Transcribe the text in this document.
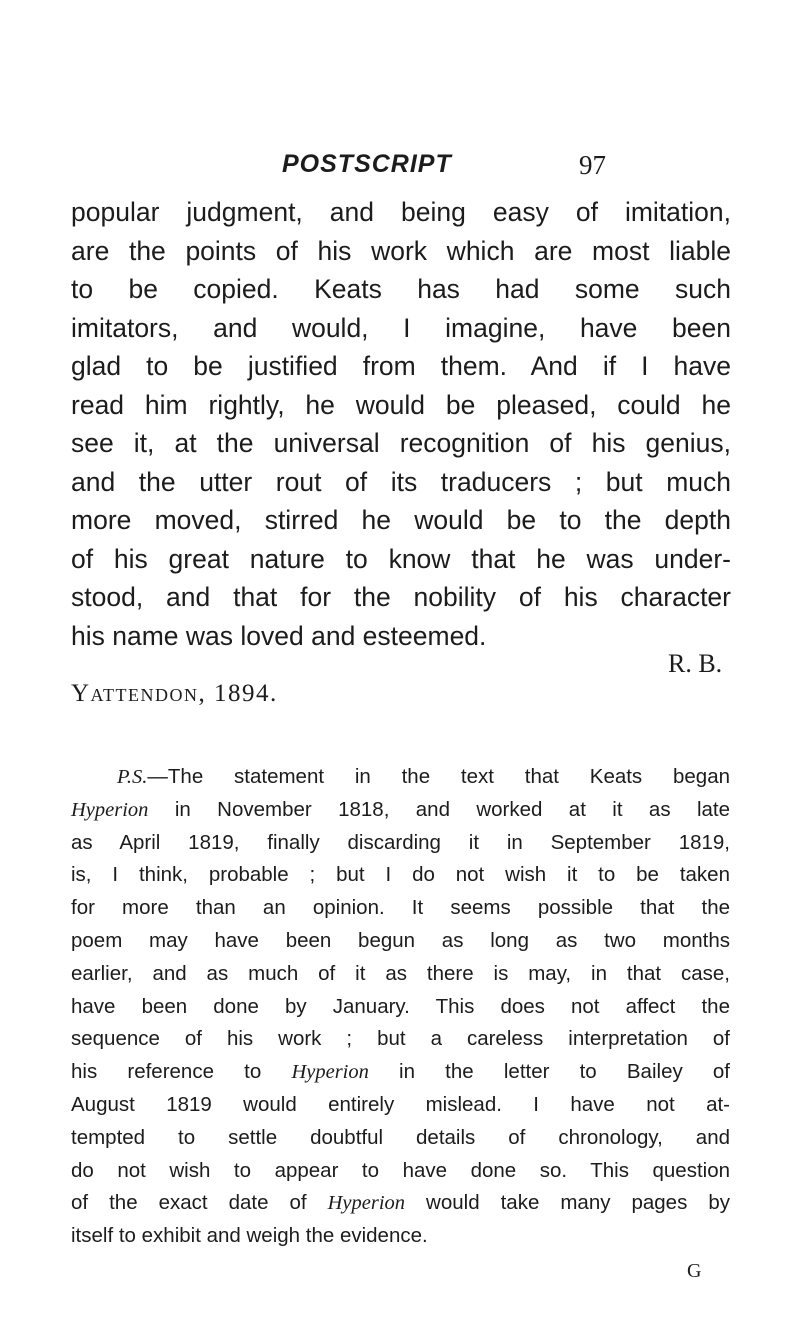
POSTSCRIPT	97
popular judgment, and being easy of imitation,
are the points of his work which are most liable
to be copied. Keats has had some such
imitators, and would, I imagine, have been
glad to be justified from them. And if I have
read him rightly, he would be pleased, could he
see it, at the universal recognition of his genius,
and the utter rout of its traducers ; but much
more moved, stirred he would be to the depth
of his great nature to know that he was under-
stood, and that for the nobility of his character
his name was loved and esteemed.
R. B.
Yattendon, 1894.
P.S.—The statement in the text that Keats began
Hyperion in November 1818, and worked at it as late
as April 1819, finally discarding it in September 1819,
is, I think, probable ; but I do not wish it to be taken
for more than an opinion. It seems possible that the
poem may have been begun as long as two months
earlier, and as much of it as there is may, in that case,
have been done by January. This does not affect the
sequence of his work ; but a careless interpretation of
his reference to Hyperion in the letter to Bailey of
August 1819 would entirely mislead. I have not at-
tempted to settle doubtful details of chronology, and
do not wish to appear to have done so. This question
of the exact date of Hyperion would take many pages by
itself to exhibit and weigh the evidence.
G
